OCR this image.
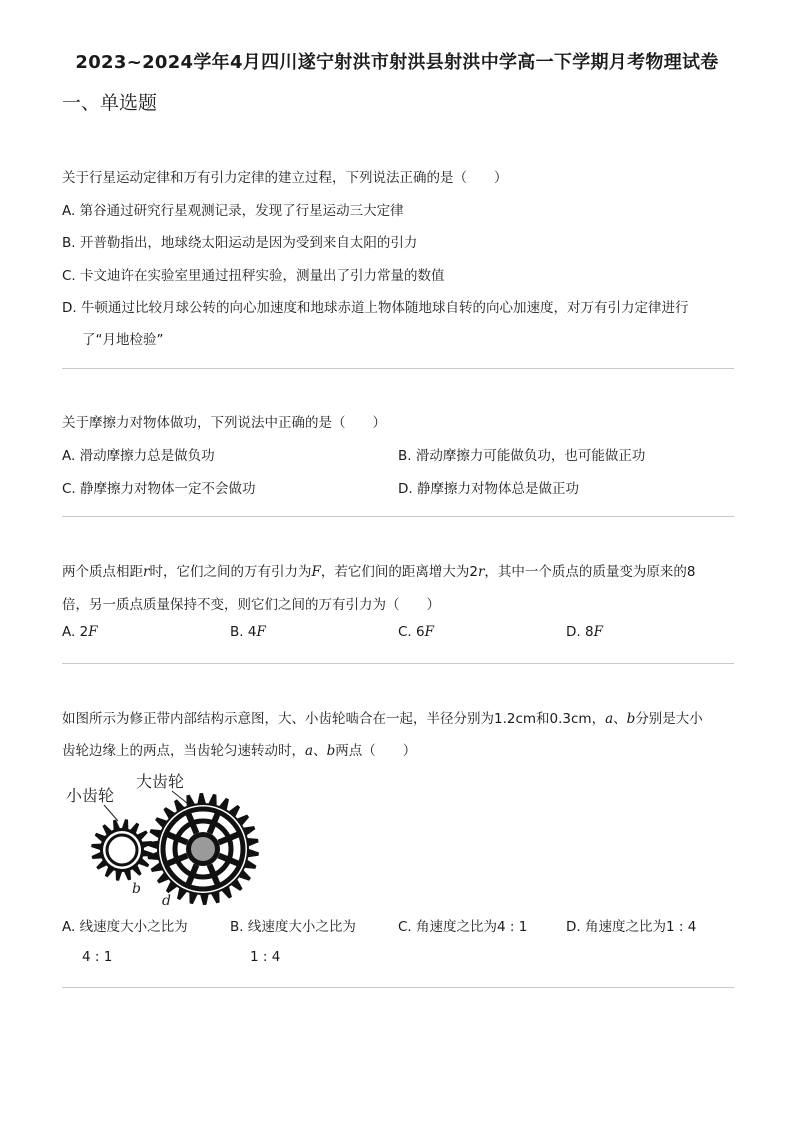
2023~2024学年4月四川遂宁射洪市射洪县射洪中学高一下学期月考物理试卷
一、单选题
关于行星运动定律和万有引力定律的建立过程，下列说法正确的是（　　）
A. 第谷通过研究行星观测记录，发现了行星运动三大定律
B. 开普勒指出，地球绕太阳运动是因为受到来自太阳的引力
C. 卡文迪许在实验室里通过扭秤实验，测量出了引力常量的数值
D. 牛顿通过比较月球公转的向心加速度和地球赤道上物体随地球自转的向心加速度，对万有引力定律进行
了“月地检验”
关于摩擦力对物体做功，下列说法中正确的是（　　）
A. 滑动摩擦力总是做负功	B. 滑动摩擦力可能做负功，也可能做正功
C. 静摩擦力对物体一定不会做功	D. 静摩擦力对物体总是做正功
两个质点相距r时，它们之间的万有引力为F，若它们间的距离增大为2r，其中一个质点的质量变为原来的8
倍，另一质点质量保持不变，则它们之间的万有引力为（　　）
A. 2F	B. 4F	C. 6F	D. 8F
如图所示为修正带内部结构示意图，大、小齿轮啮合在一起，半径分别为1.2cm和0.3cm，a、b分别是大小
齿轮边缘上的两点，当齿轮匀速转动时，a、b两点（　　）
A. 线速度大小之比为
4 : 1
B. 线速度大小之比为
1 : 4
C. 角速度之比为4 : 1	D. 角速度之比为1 : 4
小齿轮
大齿轮
b
d
